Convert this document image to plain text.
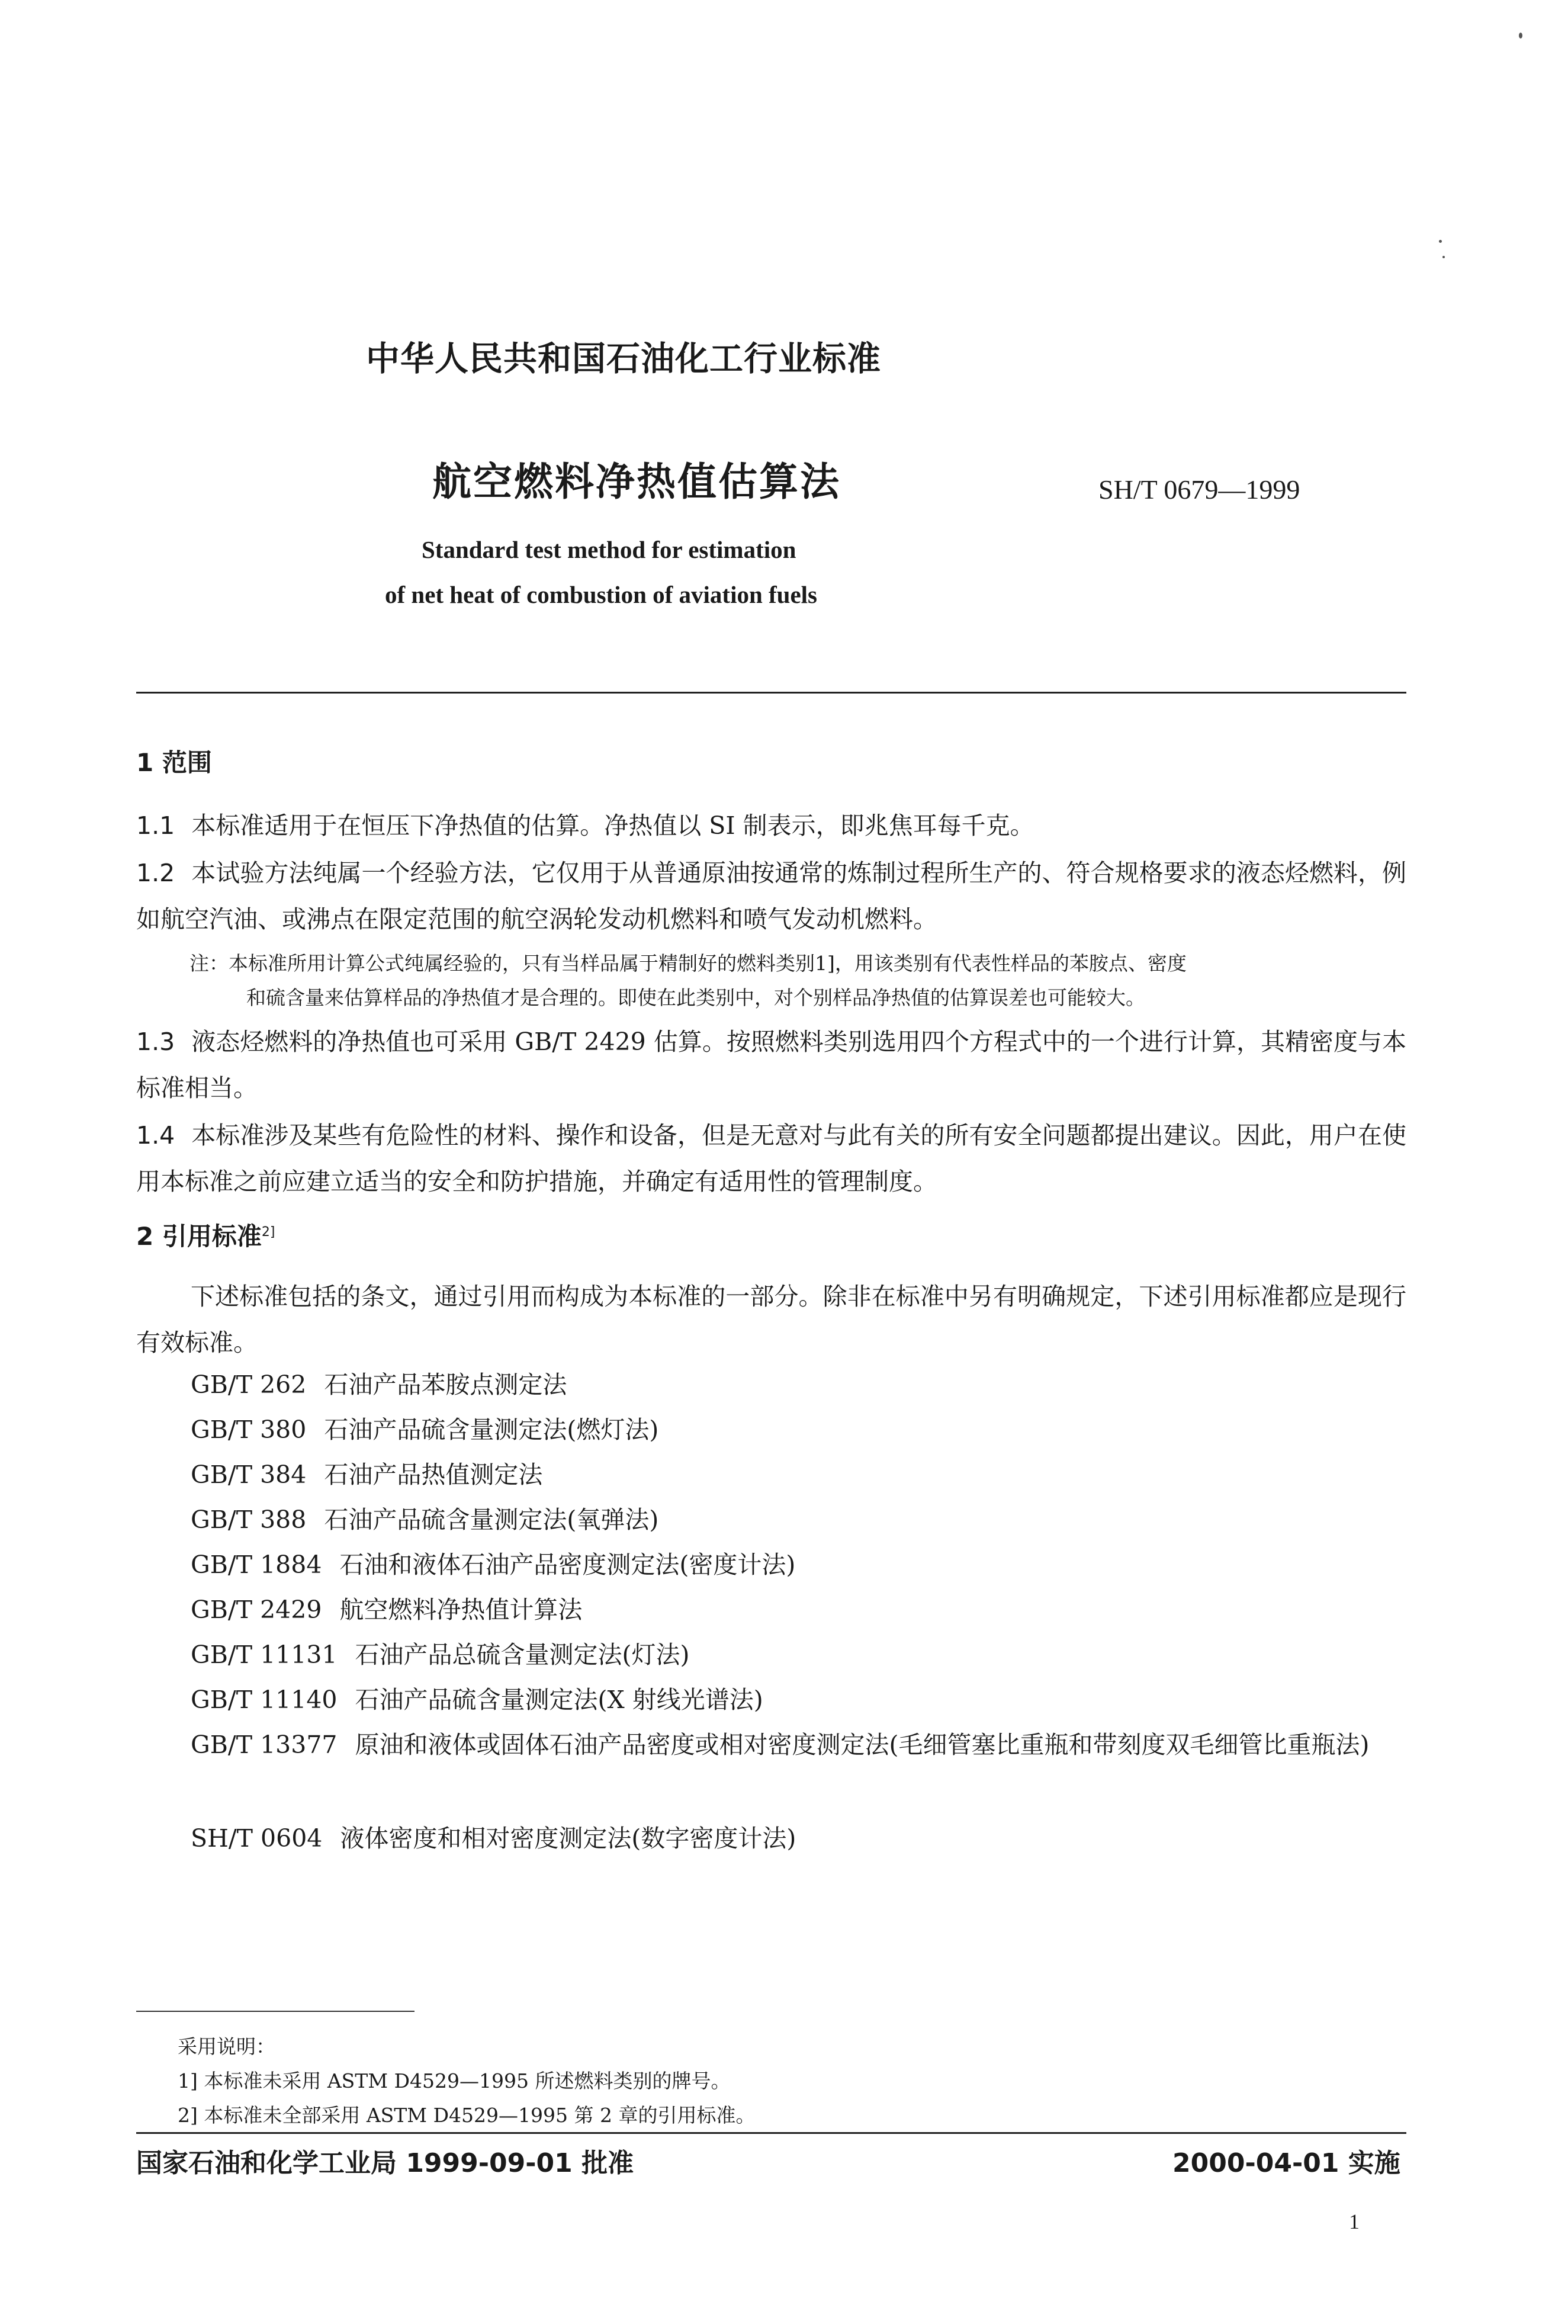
中华人民共和国石油化工行业标准
航空燃料净热值估算法	SH/T 0679—1999
Standard test method for estimation
of net heat of combustion of aviation fuels
1 范围
1.1 本标准适用于在恒压下净热值的估算。净热值以 SI 制表示，即兆焦耳每千克。
1.2 本试验方法纯属一个经验方法，它仅用于从普通原油按通常的炼制过程所生产的、符合规格要求的液态烃燃料，例如航空汽油、或沸点在限定范围的航空涡轮发动机燃料和喷气发动机燃料。
注：本标准所用计算公式纯属经验的，只有当样品属于精制好的燃料类别1]，用该类别有代表性样品的苯胺点、密度
和硫含量来估算样品的净热值才是合理的。即使在此类别中，对个别样品净热值的估算误差也可能较大。
1.3 液态烃燃料的净热值也可采用 GB/T 2429 估算。按照燃料类别选用四个方程式中的一个进行计算，其精密度与本标准相当。
1.4 本标准涉及某些有危险性的材料、操作和设备，但是无意对与此有关的所有安全问题都提出建议。因此，用户在使用本标准之前应建立适当的安全和防护措施，并确定有适用性的管理制度。
2 引用标准$^{2]}$
下述标准包括的条文，通过引用而构成为本标准的一部分。除非在标准中另有明确规定，下述引用标准都应是现行有效标准。
GB/T 262 石油产品苯胺点测定法
GB/T 380 石油产品硫含量测定法(燃灯法)
GB/T 384 石油产品热值测定法
GB/T 388 石油产品硫含量测定法(氧弹法)
GB/T 1884 石油和液体石油产品密度测定法(密度计法)
GB/T 2429 航空燃料净热值计算法
GB/T 11131 石油产品总硫含量测定法(灯法)
GB/T 11140 石油产品硫含量测定法(X 射线光谱法)
GB/T 13377 原油和液体或固体石油产品密度或相对密度测定法(毛细管塞比重瓶和带刻度双毛细管比重瓶法)
SH/T 0604 液体密度和相对密度测定法(数字密度计法)
采用说明：
1] 本标准未采用 ASTM D4529—1995 所述燃料类别的牌号。
2] 本标准未全部采用 ASTM D4529—1995 第 2 章的引用标准。
国家石油和化学工业局 1999-09-01 批准	2000-04-01 实施
1
